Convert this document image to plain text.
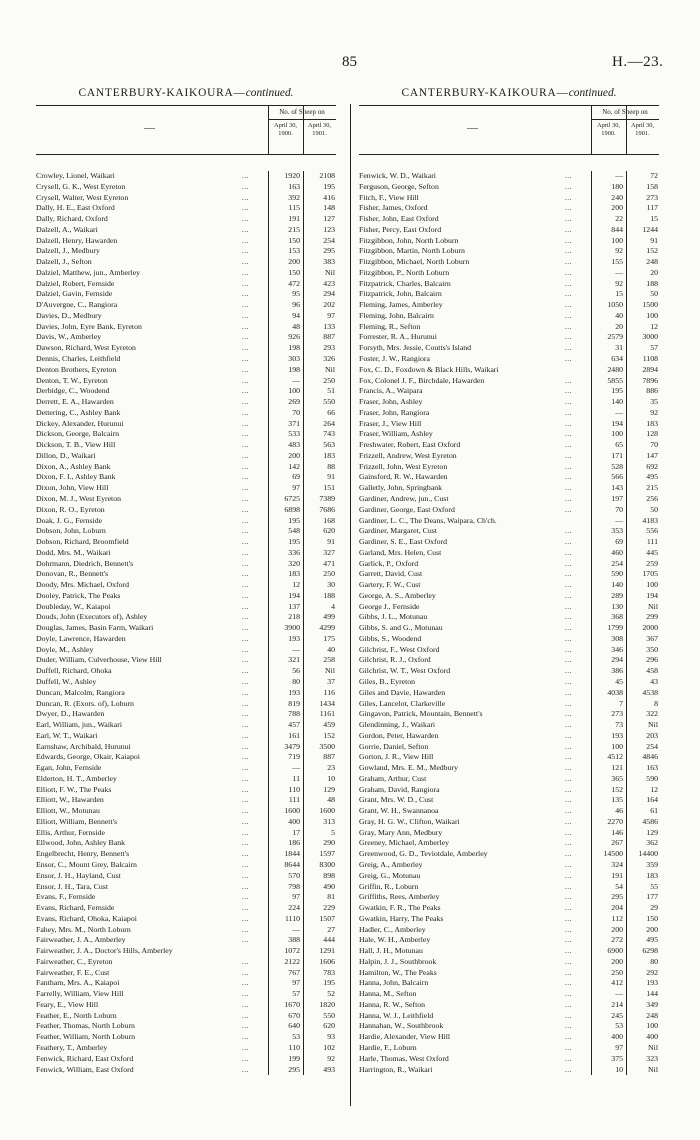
85	H.—23.
CANTERBURY-KAIKOURA—continued.
—
No. of Sheep on
April 30,
1900.
April 30,
1901.
Crowley, Lionel, Waikari	...	1920	2108
Crysell, G. K., West Eyreton	...	163	195
Crysell, Walter, West Eyreton	...	392	416
Dally, H. E., East Oxford	...	115	148
Dally, Richard, Oxford	...	191	127
Dalzell, A., Waikari	...	215	123
Dalzell, Henry, Hawarden	...	150	254
Dalzell, J., Medbury	...	153	295
Dalzell, J., Sefton	...	200	383
Dalziel, Matthew, jun., Amberley	...	150	Nil
Dalziel, Robert, Fernside	...	472	423
Dalziel, Gavin, Fernside	...	95	294
D'Auvergne, C., Rangiora	...	96	202
Davies, D., Medbury	...	94	97
Davies, John, Eyre Bank, Eyreton	...	48	133
Davis, W., Amberley	...	926	887
Dawson, Richard, West Eyreton	...	198	293
Dennis, Charles, Leithfield	...	303	326
Denton Brothers, Eyreton	...	198	Nil
Denton, T. W., Eyreton	...	—	250
Derbidge, C., Woodend	...	100	51
Derrett, E. A., Hawarden	...	269	550
Dettering, C., Ashley Bank	...	70	66
Dickey, Alexander, Hurunui	...	371	264
Dickson, George, Balcairn	...	533	743
Dickson, T. B., View Hill	...	483	563
Dillon, D., Waikari	...	200	183
Dixon, A., Ashley Bank	...	142	88
Dixon, F. I., Ashley Bank	...	69	91
Dixon, John, View Hill	...	97	151
Dixon, M. J., West Eyreton	...	6725	7389
Dixon, R. O., Eyreton	...	6898	7686
Doak, J. G., Fernside	...	195	168
Dobson, John, Loburn	...	548	620
Dobson, Richard, Broomfield	...	195	91
Dodd, Mrs. M., Waikari	...	336	327
Dohrmann, Diedrich, Bennett's	...	320	471
Donovan, R., Bennett's	...	183	250
Doody, Mrs. Michael, Oxford	...	12	30
Dooley, Patrick, The Peaks	...	194	188
Doubleday, W., Kaiapoi	...	137	4
Douds, John (Executors of), Ashley	...	218	499
Douglas, James, Basin Farm, Waikari	...	3900	4299
Doyle, Lawrence, Hawarden	...	193	175
Doyle, M., Ashley	...	—	40
Duder, William, Culverhouse, View Hill	...	321	258
Duffell, Richard, Ohoka	...	56	Nil
Duffell, W., Ashley	...	80	37
Duncan, Malcolm, Rangiora	...	193	116
Duncan, R. (Exors. of), Loburn	...	819	1434
Dwyer, D., Hawarden	...	788	1161
Earl, William, jun., Waikari	...	457	459
Earl, W. T., Waikari	...	161	152
Earnshaw, Archibald, Hurunui	...	3479	3500
Edwards, George, Okair, Kaiapoi	...	719	887
Egan, John, Fernside	...	—	23
Elderton, H. T., Amberley	...	11	10
Elliott, F. W., The Peaks	...	110	129
Elliott, W., Hawarden	...	111	48
Elliott, W., Motunau	...	1600	1600
Elliott, William, Bennett's	...	400	313
Ellis, Arthur, Fernside	...	17	5
Ellwood, John, Ashley Bank	...	186	290
Engelbrecht, Henry, Bennett's	...	1844	1597
Ensor, C., Mount Grey, Balcairn	...	8644	8300
Ensor, J. H., Hayland, Cust	...	570	898
Ensor, J. H., Tara, Cust	...	798	490
Evans, F., Fernside	...	97	81
Evans, Richard, Fernside	...	224	229
Evans, Richard, Ohoka, Kaiapoi	...	1110	1507
Fahey, Mrs. M., North Loburn	...	—	27
Fairweather, J. A., Amberley	...	388	444
Fairweather, J. A., Doctor's Hills, Amberley	1072	1291
Fairweather, C., Eyreton	...	2122	1606
Fairweather, F. E., Cust	...	767	783
Fantham, Mrs. A., Kaiapoi	...	97	195
Farrelly, William, View Hill	...	57	52
Feary, E., View Hill	...	1670	1820
Feather, E., North Loburn	...	670	550
Feather, Thomas, North Loburn	...	640	620
Feather, William, North Loburn	...	53	93
Feathery, T., Amberley	...	110	102
Fenwick, Richard, East Oxford	...	199	92
Fenwick, William, East Oxford	...	295	493
CANTERBURY-KAIKOURA—continued.
—
No. of Sheep on
April 30,
1900.
April 30,
1901.
Fenwick, W. D., Waikari	...	—	72
Ferguson, George, Sefton	...	180	158
Fitch, F., View Hill	...	240	273
Fisher, James, Oxford	...	200	117
Fisher, John, East Oxford	...	22	15
Fisher, Percy, East Oxford	...	844	1244
Fitzgibbon, John, North Loburn	...	100	91
Fitzgibbon, Martin, North Loburn	...	92	152
Fitzgibbon, Michael, North Loburn	...	155	248
Fitzgibbon, P., North Loburn	...	—	20
Fitzpatrick, Charles, Balcairn	...	92	188
Fitzpatrick, John, Balcairn	...	15	50
Fleming, James, Amberley	...	1050	1500
Fleming, John, Balcairn	...	40	100
Fleming, R., Sefton	...	20	12
Forrester, R. A., Hurunui	...	2579	3000
Forsyth, Mrs. Jessie, Coutts's Island	...	31	57
Foster, J. W., Rangiora	...	634	1108
Fox, C. D., Foxdown & Black Hills, Waikari	2480	2894
Fox, Colonel J. F., Birchdale, Hawarden	...	5855	7896
Francis, A., Waipara	...	195	886
Fraser, John, Ashley	...	140	35
Fraser, John, Rangiora	...	—	92
Fraser, J., View Hill	...	194	183
Fraser, William, Ashley	...	100	128
Freshwater, Robert, East Oxford	...	65	70
Frizzell, Andrew, West Eyreton	...	171	147
Frizzell, John, West Eyreton	...	528	692
Gainsford, R. W., Hawarden	...	566	495
Galletly, John, Springbank	...	143	215
Gardiner, Andrew, jun., Cust	...	197	256
Gardiner, George, East Oxford	...	70	50
Gardiner, L. C., The Deans, Waipara, Ch'ch.	—	4183
Gardiner, Margaret, Cust	...	353	556
Gardiner, S. E., East Oxford	...	69	111
Garland, Mrs. Helen, Cust	...	460	445
Garlick, P., Oxford	...	254	259
Garrett, David, Cust	...	590	1705
Gartery, F. W., Cust	...	140	100
George, A. S., Amberley	...	289	194
George J., Fernside	...	130	Nil
Gibbs, J. L., Motunau	...	368	299
Gibbs, S. and G., Motunau	...	1799	2000
Gibbs, S., Woodend	...	308	367
Gilchrist, F., West Oxford	...	346	350
Gilchrist, R. J., Oxford	...	294	296
Gilchrist, W. T., West Oxford	...	386	458
Giles, B., Eyreton	...	45	43
Giles and Davie, Hawarden	...	4038	4538
Giles, Lancelot, Clarkeville	...	7	8
Gingavon, Patrick, Mountain, Bennett's	...	273	322
Glendinning, J., Waikari	...	73	Nil
Gordon, Peter, Hawarden	...	193	203
Gorrie, Daniel, Sefton	...	100	254
Gorton, J. R., View Hill	...	4512	4846
Gowland, Mrs. E. M., Medbury	...	121	163
Graham, Arthur, Cust	...	365	590
Graham, David, Rangiora	...	152	12
Grant, Mrs. W. D., Cust	...	135	164
Grant, W. H., Swannanoa	...	46	61
Gray, H. G. W., Clifton, Waikari	...	2270	4586
Gray, Mary Ann, Medbury	...	146	129
Greeney, Michael, Amberley	...	267	362
Greenwood, G. D., Teviotdale, Amberley	...	14500	14400
Greig, A., Amberley	...	324	359
Greig, G., Motunau	...	191	183
Griffin, R., Loburn	...	54	55
Griffiths, Rees, Amberley	...	295	177
Gwatkin, F. R., The Peaks	...	204	29
Gwatkin, Harry, The Peaks	...	112	150
Hadler, C., Amberley	...	200	200
Hale, W. H., Amberley	...	272	495
Hall, J. H., Motunau	...	6900	6298
Halpin, J. J., Southbrook	...	200	80
Hamilton, W., The Peaks	...	250	292
Hanna, John, Balcairn	...	412	193
Hanna, M., Sefton	...	—	144
Hanna, R. W., Sefton	...	214	349
Hanna, W. J., Leithfield	...	245	248
Hannahan, W., Southbrook	...	53	100
Hardie, Alexander, View Hill	...	400	400
Hardie, F., Loburn	...	97	Nil
Harle, Thomas, West Oxford	...	375	323
Harrington, R., Waikari	...	10	Nil
